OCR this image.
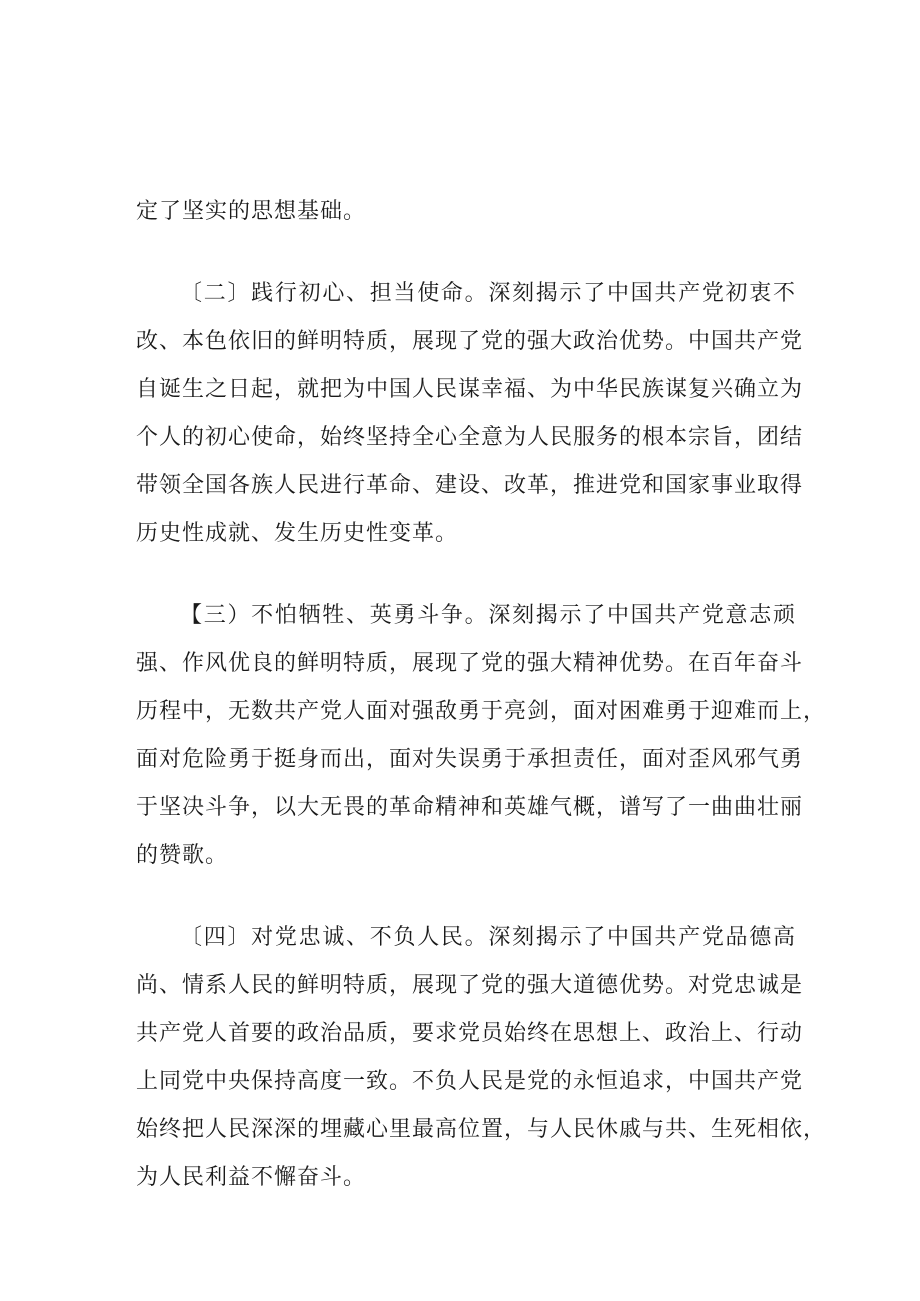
定了坚实的思想基础。
〔二〕践行初心、担当使命。深刻揭示了中国共产党初衷不
改、本色依旧的鲜明特质，展现了党的强大政治优势。中国共产党
自诞生之日起，就把为中国人民谋幸福、为中华民族谋复兴确立为
个人的初心使命，始终坚持全心全意为人民服务的根本宗旨，团结
带领全国各族人民进行革命、建设、改革，推进党和国家事业取得
历史性成就、发生历史性变革。
【三）不怕牺牲、英勇斗争。深刻揭示了中国共产党意志顽
强、作风优良的鲜明特质，展现了党的强大精神优势。在百年奋斗
历程中，无数共产党人面对强敌勇于亮剑，面对困难勇于迎难而上，
面对危险勇于挺身而出，面对失误勇于承担责任，面对歪风邪气勇
于坚决斗争，以大无畏的革命精神和英雄气概，谱写了一曲曲壮丽
的赞歌。
〔四〕对党忠诚、不负人民。深刻揭示了中国共产党品德高
尚、情系人民的鲜明特质，展现了党的强大道德优势。对党忠诚是
共产党人首要的政治品质，要求党员始终在思想上、政治上、行动
上同党中央保持高度一致。不负人民是党的永恒追求，中国共产党
始终把人民深深的埋藏心里最高位置，与人民休戚与共、生死相依，
为人民利益不懈奋斗。
